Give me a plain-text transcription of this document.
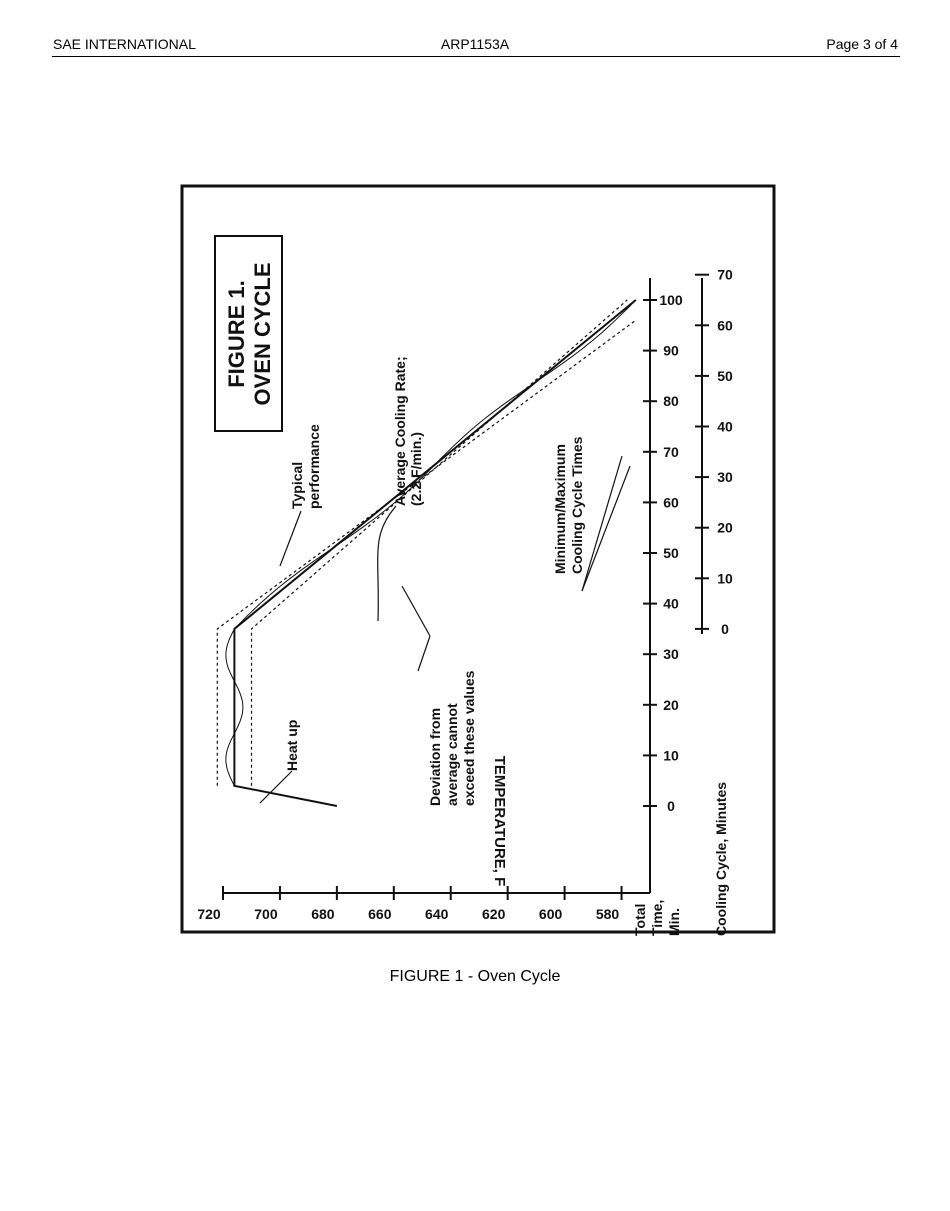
SAE INTERNATIONAL	ARP1153A	Page 3 of 4
720 700 680 660 640 620 600 580
0
10
20
30
40
50
60
70
80
90
100
0
10
20
30
40
50
60
70
FIGURE 1. OVEN CYCLE
TEMPERATURE, F
Total Time, Min. Cooling Cycle, Minutes
Heat up
Typical performance	Average Cooling Rate; (2.2 F/min.)
Deviation from average cannot exceed these values
Minimum/Maximum Cooling Cycle Times
FIGURE 1 - Oven Cycle
